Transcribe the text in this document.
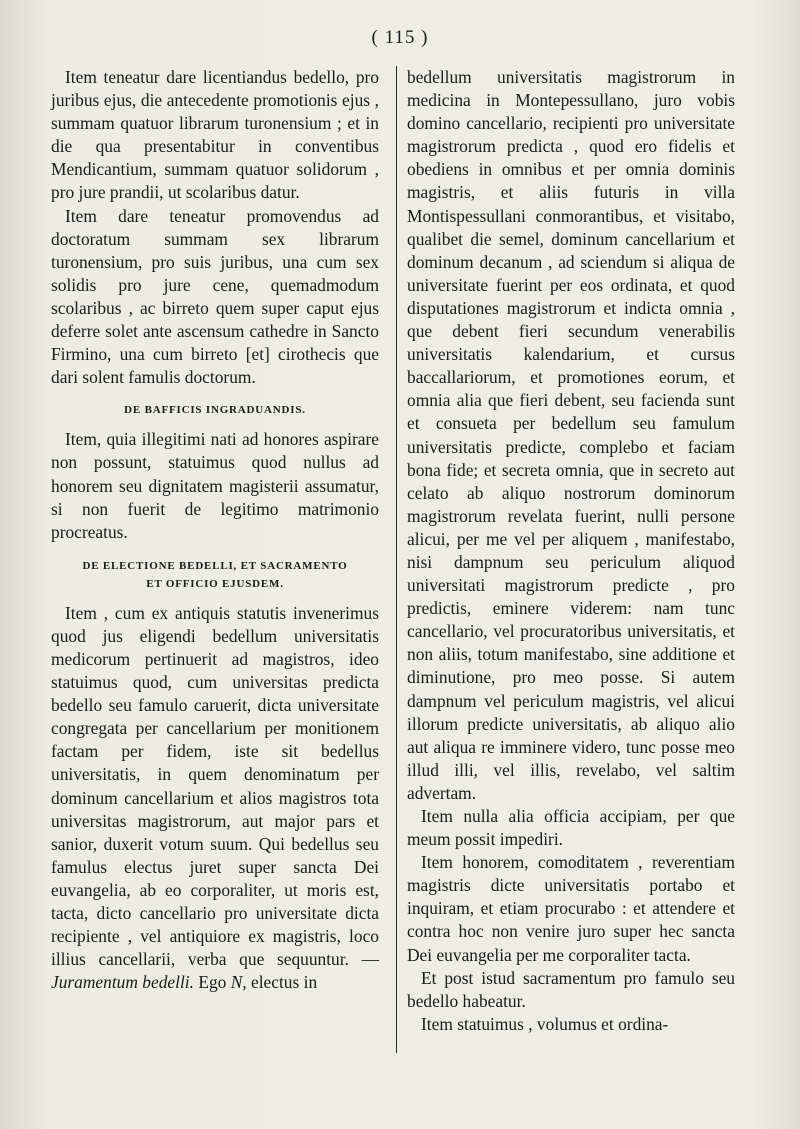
( 115 )

Item teneatur dare licentiandus bedello, pro juribus ejus, die antecedente promotionis ejus , summam quatuor librarum turonensium ; et in die qua presentabitur in conventibus Mendicantium, summam quatuor solidorum , pro jure prandii, ut scolaribus datur.

Item dare teneatur promovendus ad doctoratum summam sex librarum turonensium, pro suis juribus, una cum sex solidis pro jure cene, quemadmodum scolaribus , ac birreto quem super caput ejus deferre solet ante ascensum cathedre in Sancto Firmino, una cum birreto [et] cirothecis que dari solent famulis doctorum.

DE BAFFICIS INGRADUANDIS.

Item, quia illegitimi nati ad honores aspirare non possunt, statuimus quod nullus ad honorem seu dignitatem magisterii assumatur, si non fuerit de legitimo matrimonio procreatus.

DE ELECTIONE BEDELLI, ET SACRAMENTO
ET OFFICIO EJUSDEM.

Item , cum ex antiquis statutis invenerimus quod jus eligendi bedellum universitatis medicorum pertinuerit ad magistros, ideo statuimus quod, cum universitas predicta bedello seu famulo caruerit, dicta universitate congregata per cancellarium per monitionem factam per fidem, iste sit bedellus universitatis, in quem denominatum per dominum cancellarium et alios magistros tota universitas magistrorum, aut major pars et sanior, duxerit votum suum. Qui bedellus seu famulus electus juret super sancta Dei euvangelia, ab eo corporaliter, ut moris est, tacta, dicto cancellario pro universitate dicta recipiente , vel antiquiore ex magistris, loco illius cancellarii, verba que sequuntur. — Juramentum bedelli. Ego N, electus in

bedellum universitatis magistrorum in medicina in Montepessullano, juro vobis domino cancellario, recipienti pro universitate magistrorum predicta , quod ero fidelis et obediens in omnibus et per omnia dominis magistris, et aliis futuris in villa Montispessullani conmorantibus, et visitabo, qualibet die semel, dominum cancellarium et dominum decanum , ad sciendum si aliqua de universitate fuerint per eos ordinata, et quod disputationes magistrorum et indicta omnia , que debent fieri secundum venerabilis universitatis kalendarium, et cursus baccallariorum, et promotiones eorum, et omnia alia que fieri debent, seu facienda sunt et consueta per bedellum seu famulum universitatis predicte, complebo et faciam bona fide; et secreta omnia, que in secreto aut celato ab aliquo nostrorum dominorum magistrorum revelata fuerint, nulli persone alicui, per me vel per aliquem , manifestabo, nisi dampnum seu periculum aliquod universitati magistrorum predicte , pro predictis, eminere viderem: nam tunc cancellario, vel procuratoribus universitatis, et non aliis, totum manifestabo, sine additione et diminutione, pro meo posse. Si autem dampnum vel periculum magistris, vel alicui illorum predicte universitatis, ab aliquo alio aut aliqua re imminere videro, tunc posse meo illud illi, vel illis, revelabo, vel saltim advertam.

Item nulla alia officia accipiam, per que meum possit impediri.

Item honorem, comoditatem , reverentiam magistris dicte universitatis portabo et inquiram, et etiam procurabo : et attendere et contra hoc non venire juro super hec sancta Dei euvangelia per me corporaliter tacta.

Et post istud sacramentum pro famulo seu bedello habeatur.

Item statuimus , volumus et ordina-
